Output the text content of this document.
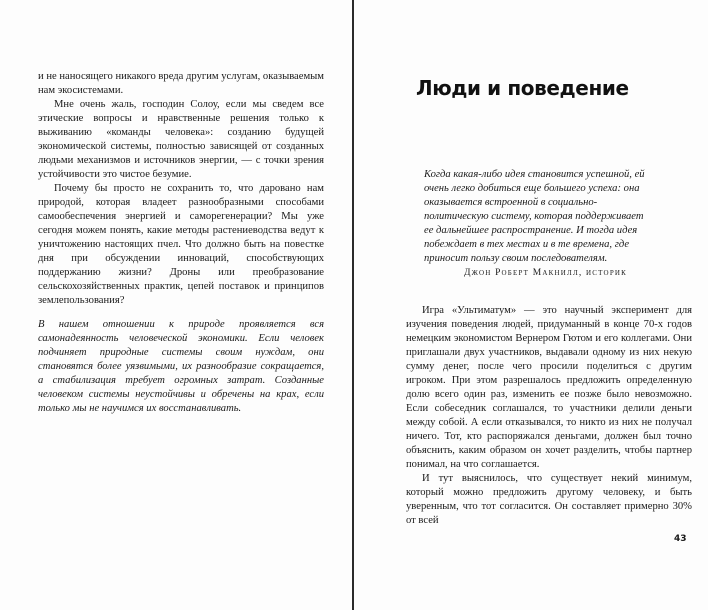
и не наносящего никакого вреда другим услугам, оказываемым нам экосистемами.

Мне очень жаль, господин Солоу, если мы сведем все этические вопросы и нравственные решения только к выживанию «команды человека»: созданию будущей экономической системы, полностью зависящей от созданных людьми механизмов и источников энергии, — с точки зрения устойчивости это чистое безумие.

Почему бы просто не сохранить то, что даровано нам природой, которая владеет разнообразными способами самообеспечения энергией и саморегенерации? Мы уже сегодня можем понять, какие методы растениеводства ведут к уничтожению настоящих пчел. Что должно быть на повестке дня при обсуждении инноваций, способствующих поддержанию жизни? Дроны или преобразование сельскохозяйственных практик, цепей поставок и принципов землепользования?

В нашем отношении к природе проявляется вся самонадеянность человеческой экономики. Если человек подчиняет природные системы своим нуждам, они становятся более уязвимыми, их разнообразие сокращается, а стабилизация требует огромных затрат. Созданные человеком системы неустойчивы и обречены на крах, если только мы не научимся их восстанавливать.

Люди и поведение
Когда какая-либо идея становится успешной, ей очень легко добиться еще большего успеха: она оказывается встроенной в социально-политическую систему, которая поддерживает ее дальнейшее распространение. И тогда идея побеждает в тех местах и в те времена, где приносит пользу своим последователям.
Джон Роберт Макнилл, историк

Игра «Ультиматум» — это научный эксперимент для изучения поведения людей, придуманный в конце 70-х годов немецким экономистом Вернером Гютом и его коллегами. Они приглашали двух участников, выдавали одному из них некую сумму денег, после чего просили поделиться с другим игроком. При этом разрешалось предложить определенную долю всего один раз, изменить ее позже было невозможно. Если собеседник соглашался, то участники делили деньги между собой. А если отказывался, то никто из них не получал ничего. Тот, кто распоряжался деньгами, должен был точно объяснить, каким образом он хочет разделить, чтобы партнер понимал, на что соглашается.

И тут выяснилось, что существует некий минимум, который можно предложить другому человеку, и быть уверенным, что тот согласится. Он составляет примерно 30% от всей

43
